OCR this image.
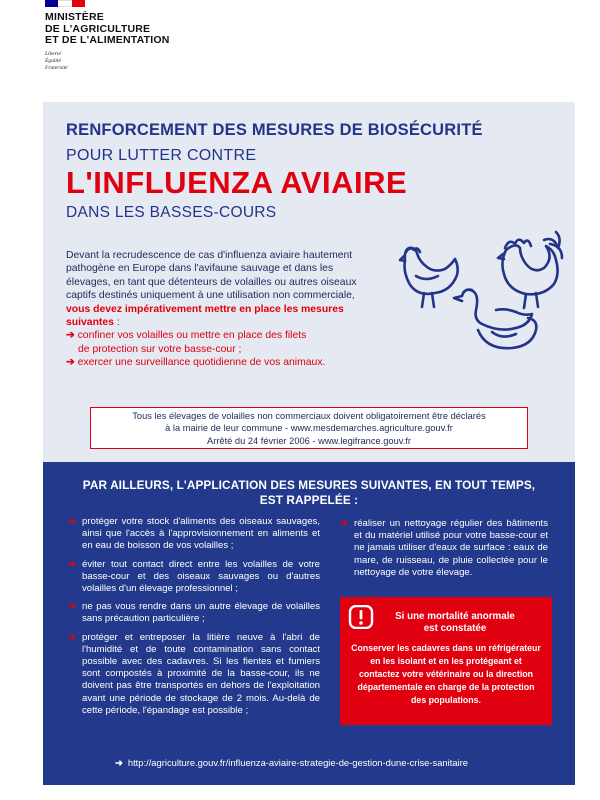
MINISTÈRE
DE L'AGRICULTURE
ET DE L'ALIMENTATION
Liberté
Égalité
Fraternité
RENFORCEMENT DES MESURES DE BIOSÉCURITÉ
POUR LUTTER CONTRE
L'INFLUENZA AVIAIRE
DANS LES BASSES-COURS
Devant la recrudescence de cas d'influenza aviaire hautement pathogène en Europe dans l'avifaune sauvage et dans les élevages, en tant que détenteurs de volailles ou autres oiseaux captifs destinés uniquement à une utilisation non commerciale, vous devez impérativement mettre en place les mesures suivantes :
➔ confiner vos volailles ou mettre en place des filets
de protection sur votre basse-cour ;
➔ exercer une surveillance quotidienne de vos animaux.
Tous les élevages de volailles non commerciaux doivent obligatoirement être déclarés
à la mairie de leur commune - www.mesdemarches.agriculture.gouv.fr
Arrêté du 24 février 2006 - www.legifrance.gouv.fr
PAR AILLEURS, L'APPLICATION DES MESURES SUIVANTES, EN TOUT TEMPS,
EST RAPPELÉE :
➔ protéger votre stock d'aliments des oiseaux sauvages, ainsi que l'accès à l'approvisionnement en aliments et en eau de boisson de vos volailles ;
➔ éviter tout contact direct entre les volailles de votre basse-cour et des oiseaux sauvages ou d'autres volailles d'un élevage professionnel ;
➔ ne pas vous rendre dans un autre élevage de volailles sans précaution particulière ;
➔ protéger et entreposer la litière neuve à l'abri de l'humidité et de toute contamination sans contact possible avec des cadavres. Si les fientes et fumiers sont compostés à proximité de la basse-cour, ils ne doivent pas être transportés en dehors de l'exploitation avant une période de stockage de 2 mois. Au-delà de cette période, l'épandage est possible ;
➔ réaliser un nettoyage régulier des bâtiments et du matériel utilisé pour votre basse-cour et ne jamais utiliser d'eaux de surface : eaux de mare, de ruisseau, de pluie collectée pour le nettoyage de votre élevage.
Si une mortalité anormale
est constatée
Conserver les cadavres dans un réfrigérateur en les isolant et en les protégeant et contactez votre vétérinaire ou la direction départementale en charge de la protection des populations.
➜ http://agriculture.gouv.fr/influenza-aviaire-strategie-de-gestion-dune-crise-sanitaire
